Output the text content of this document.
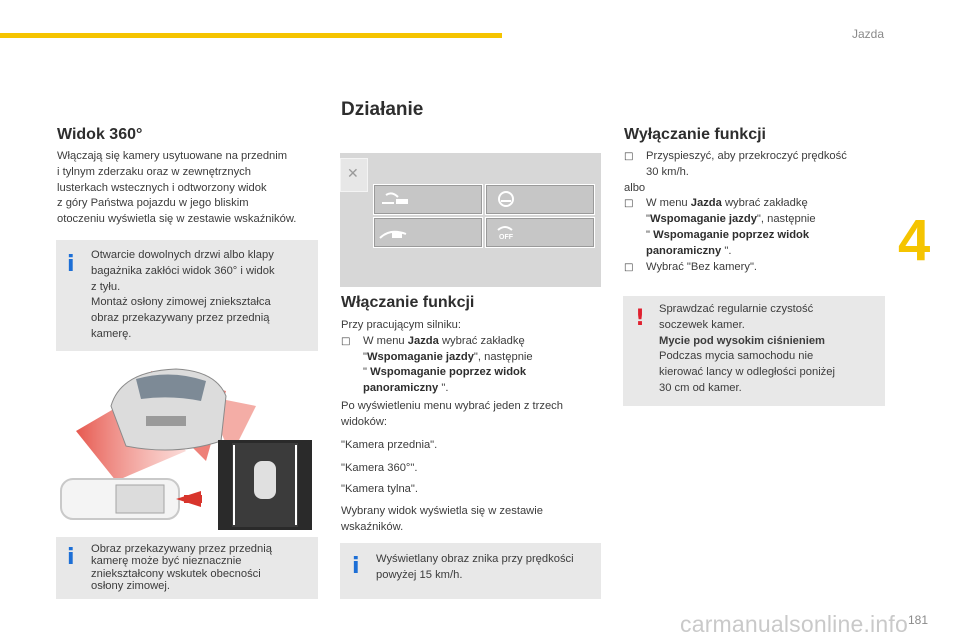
Jazda
4
181
carmanualsonline.info
Widok 360°

Włączają się kamery usytuowane na przednim
i tylnym zderzaku oraz w zewnętrznych
lusterkach wstecznych i odtworzony widok
z góry Państwa pojazdu w jego bliskim
otoczeniu wyświetla się w zestawie wskaźników.

i Otwarcie dowolnych drzwi albo klapy
bagażnika zakłóci widok 360° i widok
z tyłu.
Montaż osłony zimowej zniekształca
obraz przekazywany przez przednią
kamerę.
i Obraz przekazywany przez przednią
kamerę może być nieznacznie
zniekształcony wskutek obecności
osłony zimowej.
Działanie
✕
OFF
Włączanie funkcji

Przy pracującym silniku:
□ W menu Jazda wybrać zakładkę
"Wspomaganie jazdy", następnie
" Wspomaganie poprzez widok
panoramiczny ".

Po wyświetleniu menu wybrać jeden z trzech
widoków:

"Kamera przednia".

"Kamera 360°".

"Kamera tylna".

Wybrany widok wyświetla się w zestawie
wskaźników.

i Wyświetlany obraz znika przy prędkości
powyżej 15 km/h.
Wyłączanie funkcji

□ Przyspieszyć, aby przekroczyć prędkość
30 km/h.
albo
□ W menu Jazda wybrać zakładkę
"Wspomaganie jazdy", następnie
" Wspomaganie poprzez widok
panoramiczny ".
□ Wybrać "Bez kamery".

! Sprawdzać regularnie czystość
soczewek kamer.
Mycie pod wysokim ciśnieniem
Podczas mycia samochodu nie
kierować lancy w odległości poniżej
30 cm od kamer.
